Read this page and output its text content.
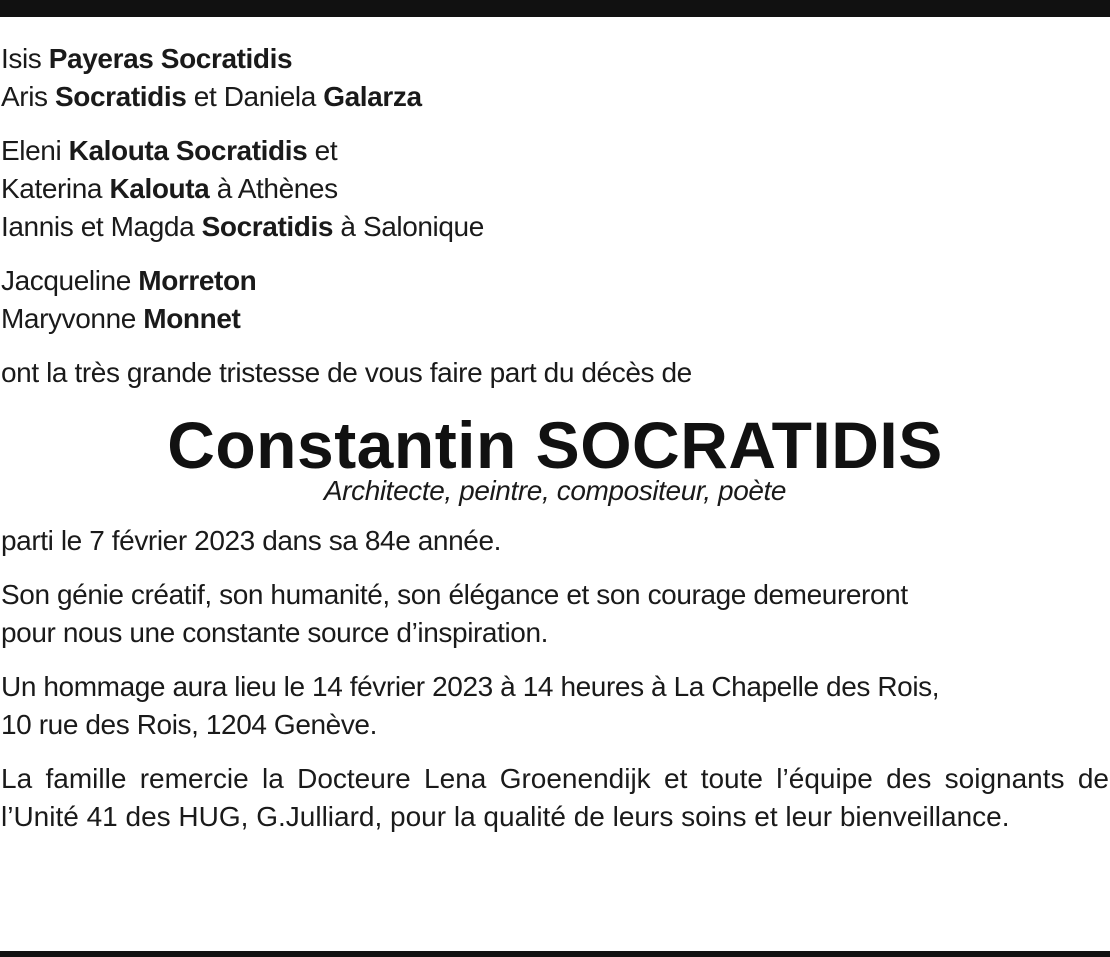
Isis Payeras Socratidis
Aris Socratidis et Daniela Galarza
Eleni Kalouta Socratidis et
Katerina Kalouta à Athènes
Iannis et Magda Socratidis à Salonique
Jacqueline Morreton
Maryvonne Monnet
ont la très grande tristesse de vous faire part du décès de
Constantin SOCRATIDIS
Architecte, peintre, compositeur, poète
parti le 7 février 2023 dans sa 84e année.
Son génie créatif, son humanité, son élégance et son courage demeureront
pour nous une constante source d’inspiration.
Un hommage aura lieu le 14 février 2023 à 14 heures à La Chapelle des Rois,
10 rue des Rois, 1204 Genève.
La famille remercie la Docteure Lena Groenendijk et toute l’équipe des soignants de l’Unité 41 des HUG, G.Julliard, pour la qualité de leurs soins et leur bienveillance.
